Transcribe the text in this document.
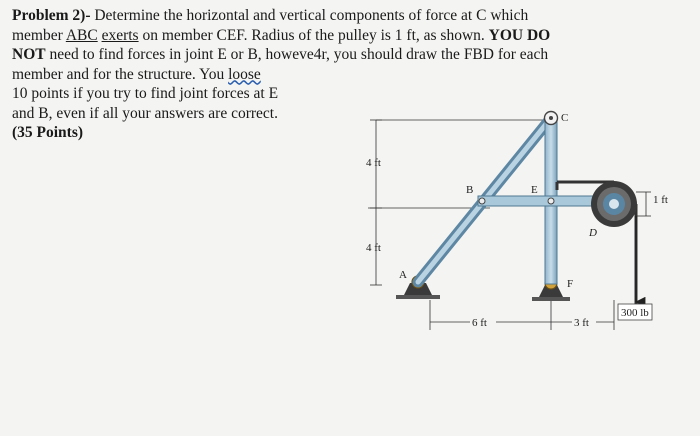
Problem 2)- Determine the horizontal and vertical components of force at C which
member ABC exerts on member CEF. Radius of the pulley is 1 ft, as shown. YOU DO
NOT need to find forces in joint E or B, howeve4r, you should draw the FBD for each
member and for the structure. You loose
10 points if you try to find joint forces at E
and B, even if all your answers are correct.
(35 Points)
C
B	E
A
D
F
4 ft
4 ft
6 ft	3 ft
1 ft
300 lb
